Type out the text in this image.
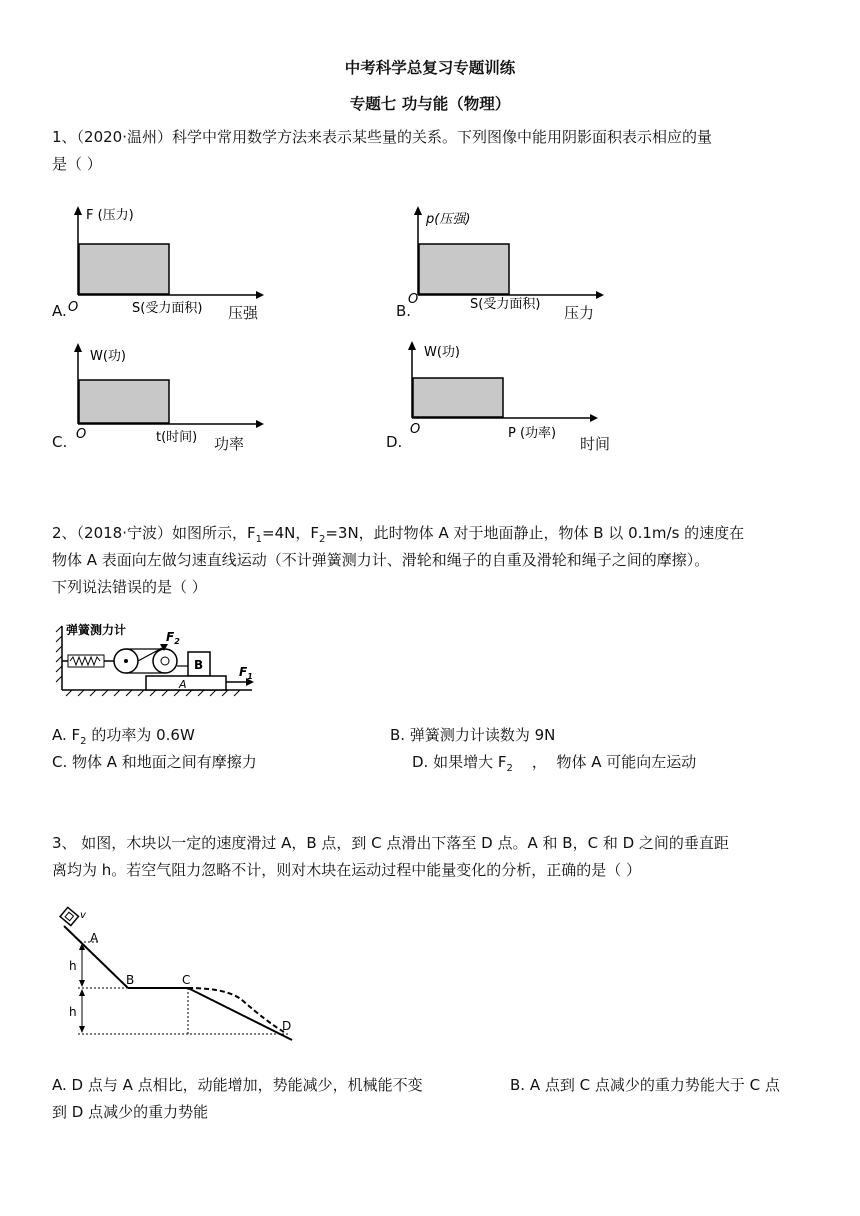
中考科学总复习专题训练
专题七 功与能（物理）
1、（2020·温州）科学中常用数学方法来表示某些量的关系。下列图像中能用阴影面积表示相应的量
是（ ）
A.
F (压力)
O	S(受力面积) 压强	B.
p(压强)
O	S(受力面积) 压力
C.
W(功)
O	t(时间) 功率	D.
W(功)
O	P (功率)
时间
2、（2018·宁波）如图所示，$F_1=4N$，$F_2=3N$，此时物体 A 对于地面静止，物体 B 以 0.1m/s 的速度在
物体 A 表面向左做匀速直线运动（不计弹簧测力计、滑轮和绳子的自重及滑轮和绳子之间的摩擦）。
下列说法错误的是（ ）
B
A
$F_1$
弹簧测力计	$F_2$
A. $F_2$ 的功率为 0.6W	B. 弹簧测力计读数为 9N
C. 物体 A 和地面之间有摩擦力	D. 如果增大 $F_2$    ，  物体 A 可能向左运动
3、 如图，木块以一定的速度滑过 A，B 点，到 C 点滑出下落至 D 点。A 和 B，C 和 D 之间的垂直距
离均为 h。若空气阻力忽略不计，则对木块在运动过程中能量变化的分析，正确的是（ ）
v
h
h
A
B	C
D
A. D 点与 A 点相比，动能增加，势能减少，机械能不变	B. A 点到 C 点减少的重力势能大于 C 点
到 D 点减少的重力势能
